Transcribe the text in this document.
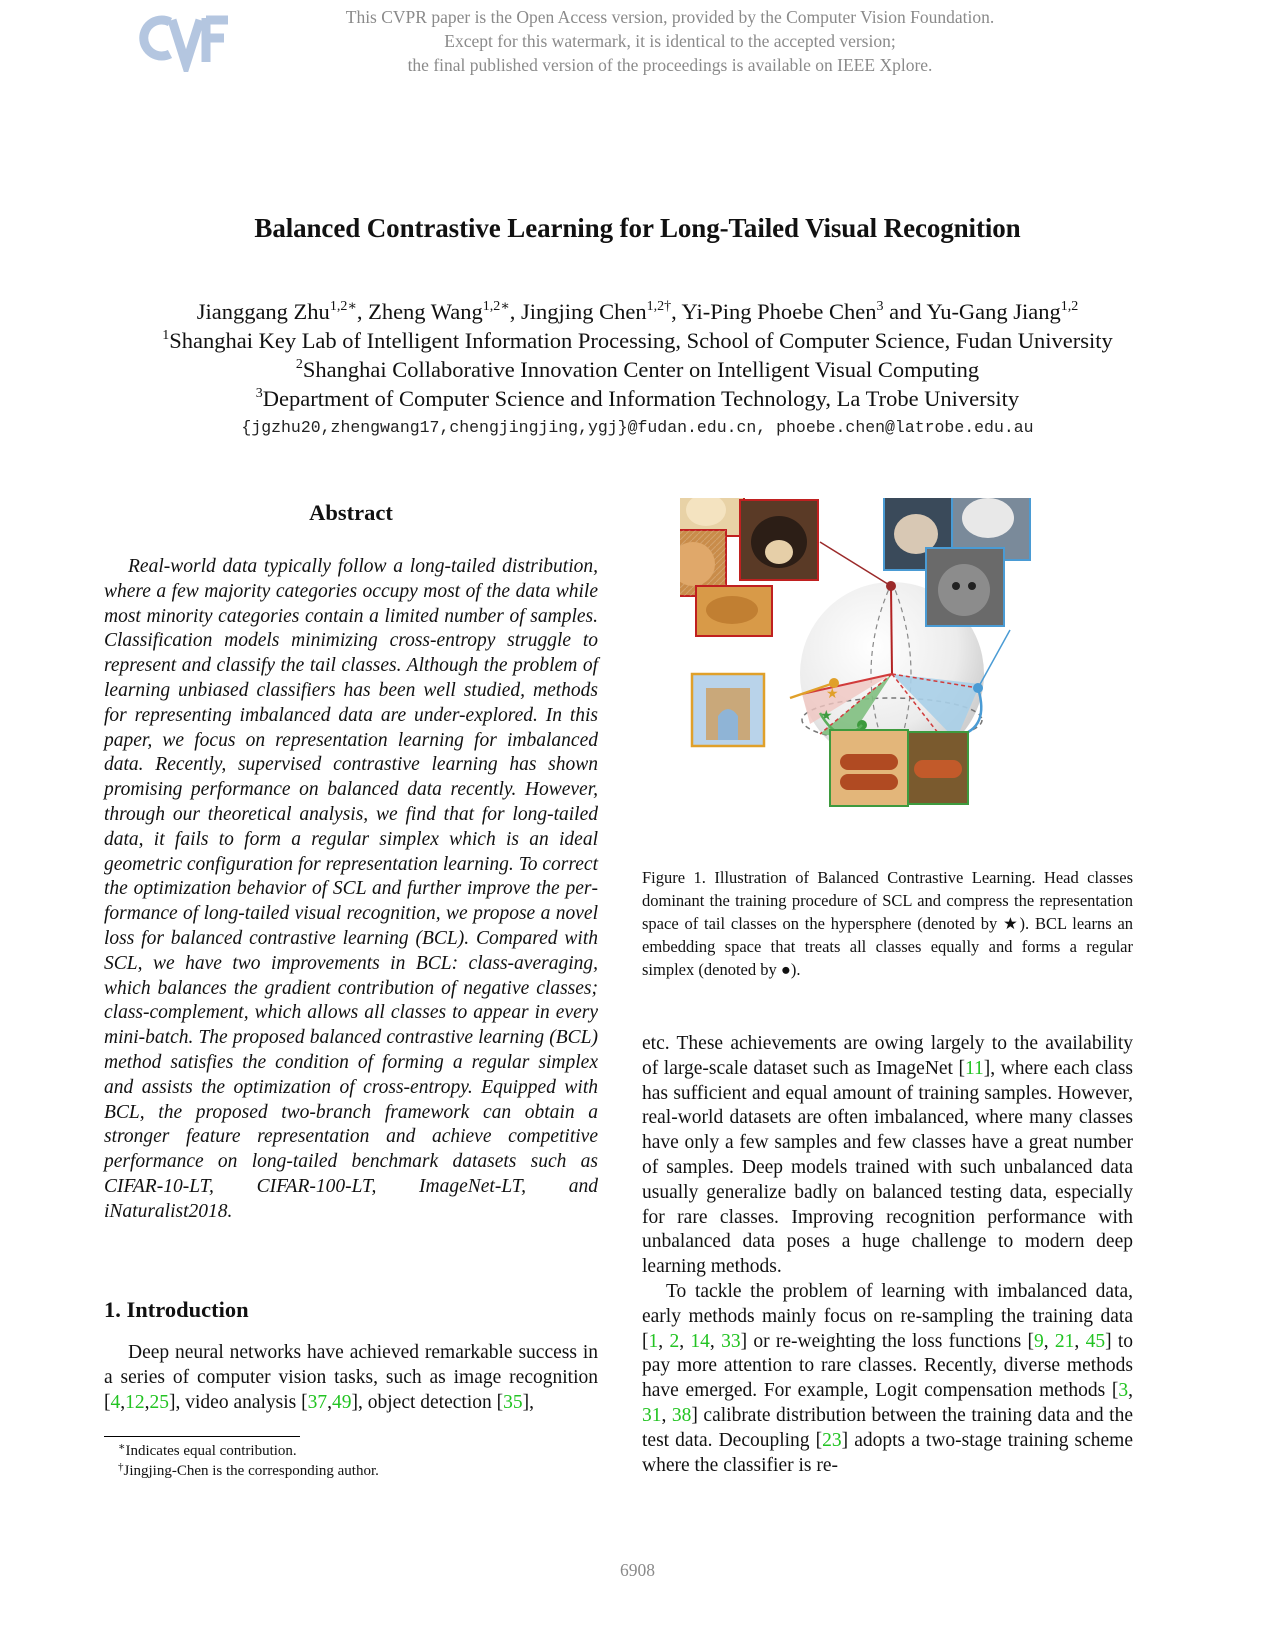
This CVPR paper is the Open Access version, provided by the Computer Vision Foundation.
Except for this watermark, it is identical to the accepted version;
the final published version of the proceedings is available on IEEE Xplore.
Balanced Contrastive Learning for Long-Tailed Visual Recognition
Jianggang Zhu$^{1,2∗}$, Zheng Wang$^{1,2∗}$, Jingjing Chen$^{1,2\dagger}$, Yi-Ping Phoebe Chen$^3$ and Yu-Gang Jiang$^{1,2}$
$^1$Shanghai Key Lab of Intelligent Information Processing, School of Computer Science, Fudan University
$^2$Shanghai Collaborative Innovation Center on Intelligent Visual Computing
$^3$Department of Computer Science and Information Technology, La Trobe University
{jgzhu20,zhengwang17,chengjingjing,ygj}@fudan.edu.cn, phoebe.chen@latrobe.edu.au
Abstract

Real-world data typically follow a long-tailed distribution, where a few majority categories occupy most of the data while most minority categories contain a limited number of samples. Classification models minimizing cross-entropy struggle to represent and classify the tail classes. Although the problem of learning unbiased classifiers has been well studied, methods for representing imbalanced data are under-explored. In this paper, we focus on representation learning for imbalanced data. Recently, supervised contrastive learning has shown promising performance on balanced data recently. However, through our theoretical analysis, we find that for long-tailed data, it fails to form a regular simplex which is an ideal geometric configuration for representation learning. To correct the optimization behavior of SCL and further improve the performance of long-tailed visual recognition, we propose a novel loss for balanced contrastive learning (BCL). Compared with SCL, we have two improvements in BCL: class-averaging, which balances the gradient contribution of negative classes; class-complement, which allows all classes to appear in every mini-batch. The proposed balanced contrastive learning (BCL) method satisfies the condition of forming a regular simplex and assists the optimization of cross-entropy. Equipped with BCL, the proposed two-branch framework can obtain a stronger feature representation and achieve competitive performance on long-tailed benchmark datasets such as CIFAR-10-LT, CIFAR-100-LT, ImageNet-LT, and iNaturalist2018.

1. Introduction

Deep neural networks have achieved remarkable success in a series of computer vision tasks, such as image recognition [4,12,25], video analysis [37,49], object detection [35],

∗Indicates equal contribution.
†Jingjing-Chen is the corresponding author.
★
★
Figure 1. Illustration of Balanced Contrastive Learning. Head classes dominant the training procedure of SCL and compress the representation space of tail classes on the hypersphere (denoted by ★). BCL learns an embedding space that treats all classes equally and forms a regular simplex (denoted by ●).

etc. These achievements are owing largely to the availability of large-scale dataset such as ImageNet [11], where each class has sufficient and equal amount of training samples. However, real-world datasets are often imbalanced, where many classes have only a few samples and few classes have a great number of samples. Deep models trained with such unbalanced data usually generalize badly on balanced testing data, especially for rare classes. Improving recognition performance with unbalanced data poses a huge challenge to modern deep learning methods.

To tackle the problem of learning with imbalanced data, early methods mainly focus on re-sampling the training data [1, 2, 14, 33] or re-weighting the loss functions [9, 21, 45] to pay more attention to rare classes. Recently, diverse methods have emerged. For example, Logit compensation methods [3, 31, 38] calibrate distribution between the training data and the test data. Decoupling [23] adopts a two-stage training scheme where the classifier is re-

6908
